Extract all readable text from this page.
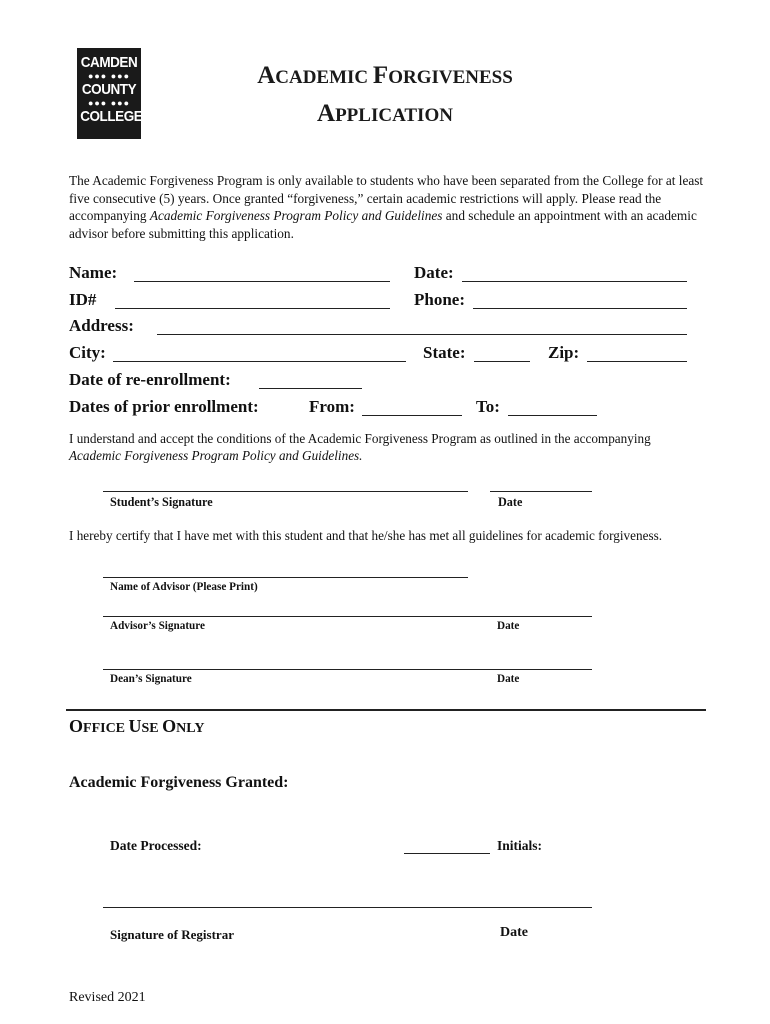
CAMDEN
●●● ●●●
COUNTY
●●● ●●●
COLLEGE
ACADEMIC FORGIVENESS
APPLICATION
The Academic Forgiveness Program is only available to students who have been separated from the College for at least five consecutive (5) years. Once granted “forgiveness,” certain academic restrictions will apply. Please read the accompanying Academic Forgiveness Program Policy and Guidelines and schedule an appointment with an academic advisor before submitting this application.
Name:	Date:
ID#	Phone:
Address:
City:	State:	Zip:
Date of re-enrollment:
Dates of prior enrollment:	From:	To:
I understand and accept the conditions of the Academic Forgiveness Program as outlined in the accompanying
Academic Forgiveness Program Policy and Guidelines.
Student’s Signature	Date
I hereby certify that I have met with this student and that he/she has met all guidelines for academic forgiveness.
Name of Advisor (Please Print)
Advisor’s Signature	Date
Dean’s Signature	Date
OFFICE USE ONLY
Academic Forgiveness Granted:
Date Processed:	Initials:
Signature of Registrar	Date
Revised 2021
